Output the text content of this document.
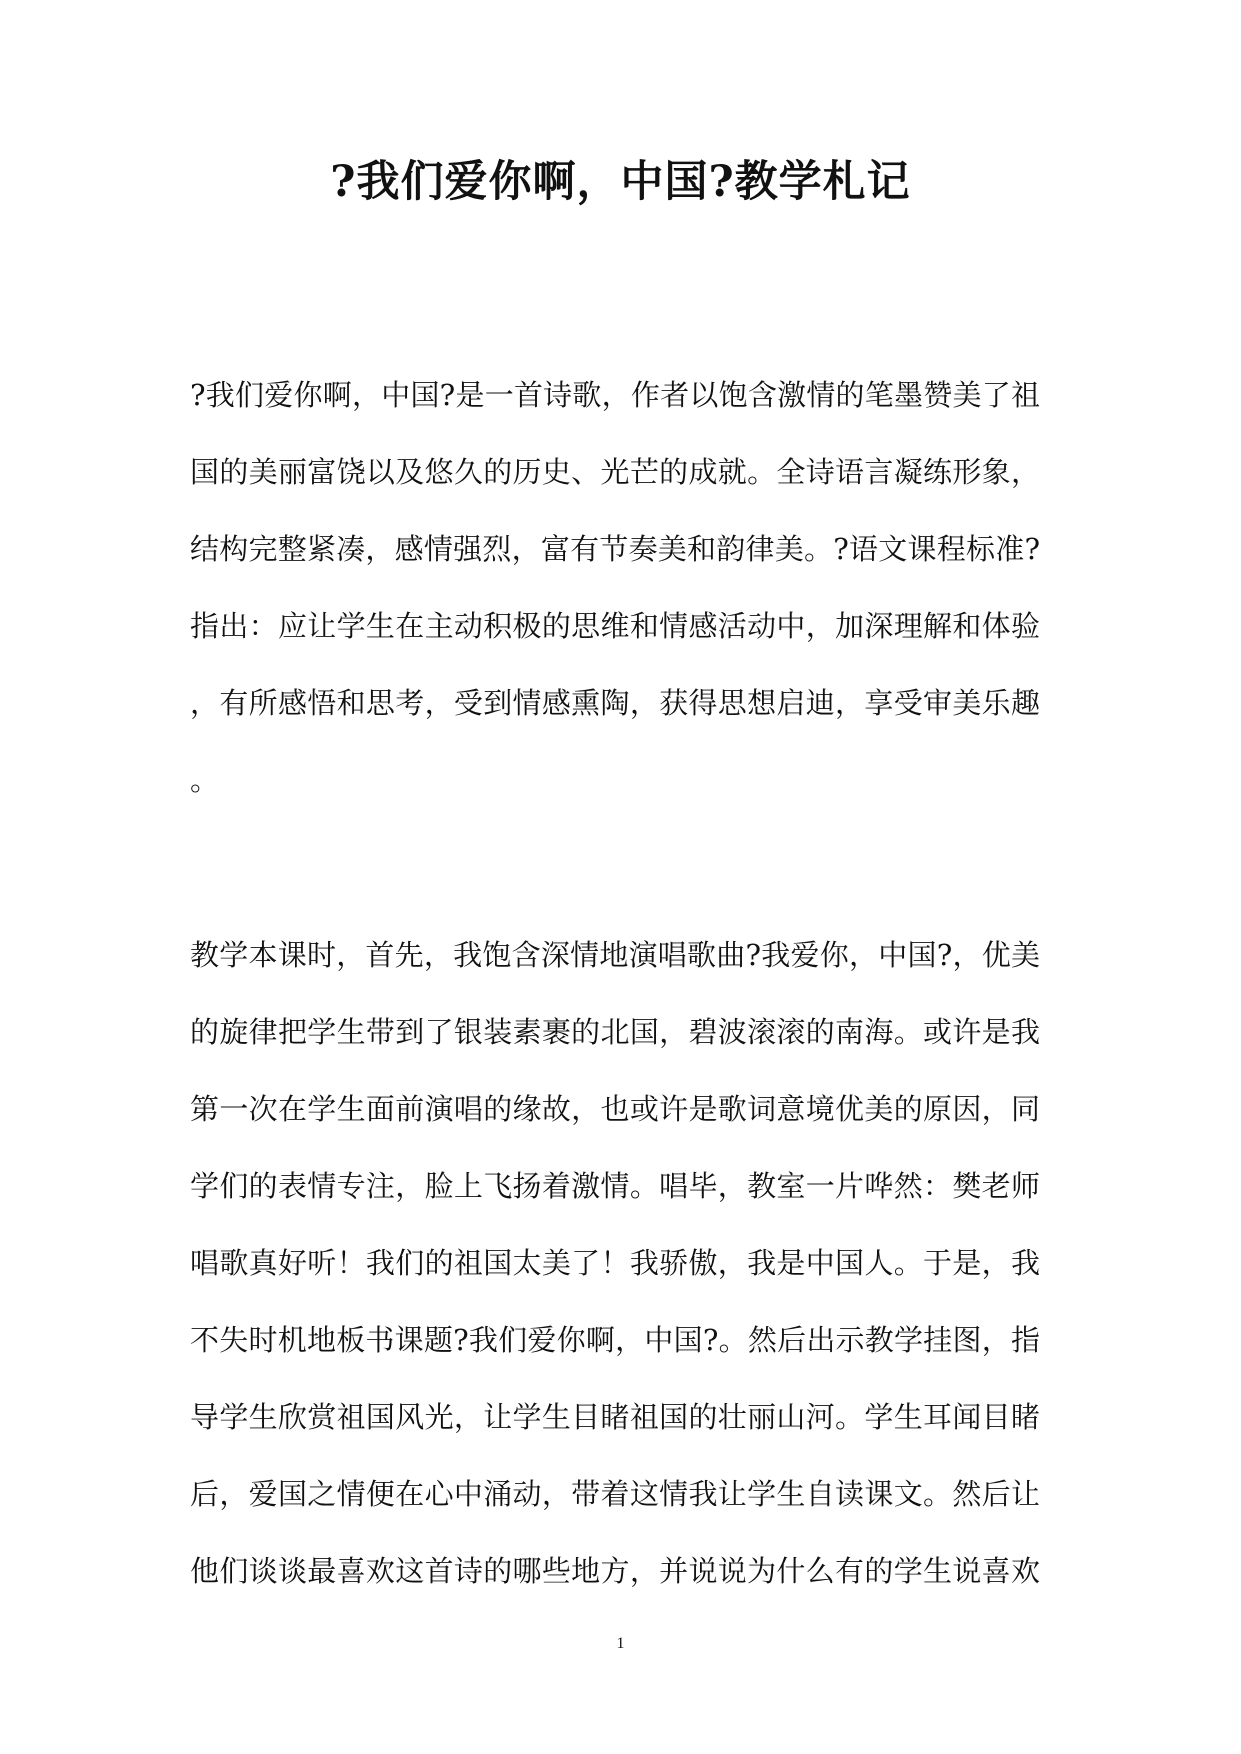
?我们爱你啊，中国?教学札记
?我们爱你啊，中国?是一首诗歌，作者以饱含激情的笔墨赞美了祖
国的美丽富饶以及悠久的历史、光芒的成就。全诗语言凝练形象，
结构完整紧凑，感情强烈，富有节奏美和韵律美。?语文课程标准?
指出：应让学生在主动积极的思维和情感活动中，加深理解和体验
，有所感悟和思考，受到情感熏陶，获得思想启迪，享受审美乐趣
。
教学本课时，首先，我饱含深情地演唱歌曲?我爱你，中国?，优美
的旋律把学生带到了银装素裹的北国，碧波滚滚的南海。或许是我
第一次在学生面前演唱的缘故，也或许是歌词意境优美的原因，同
学们的表情专注，脸上飞扬着激情。唱毕，教室一片哗然：樊老师
唱歌真好听！我们的祖国太美了！我骄傲，我是中国人。于是，我
不失时机地板书课题?我们爱你啊，中国?。然后出示教学挂图，指
导学生欣赏祖国风光，让学生目睹祖国的壮丽山河。学生耳闻目睹
后，爱国之情便在心中涌动，带着这情我让学生自读课文。然后让
他们谈谈最喜欢这首诗的哪些地方，并说说为什么有的学生说喜欢
1
